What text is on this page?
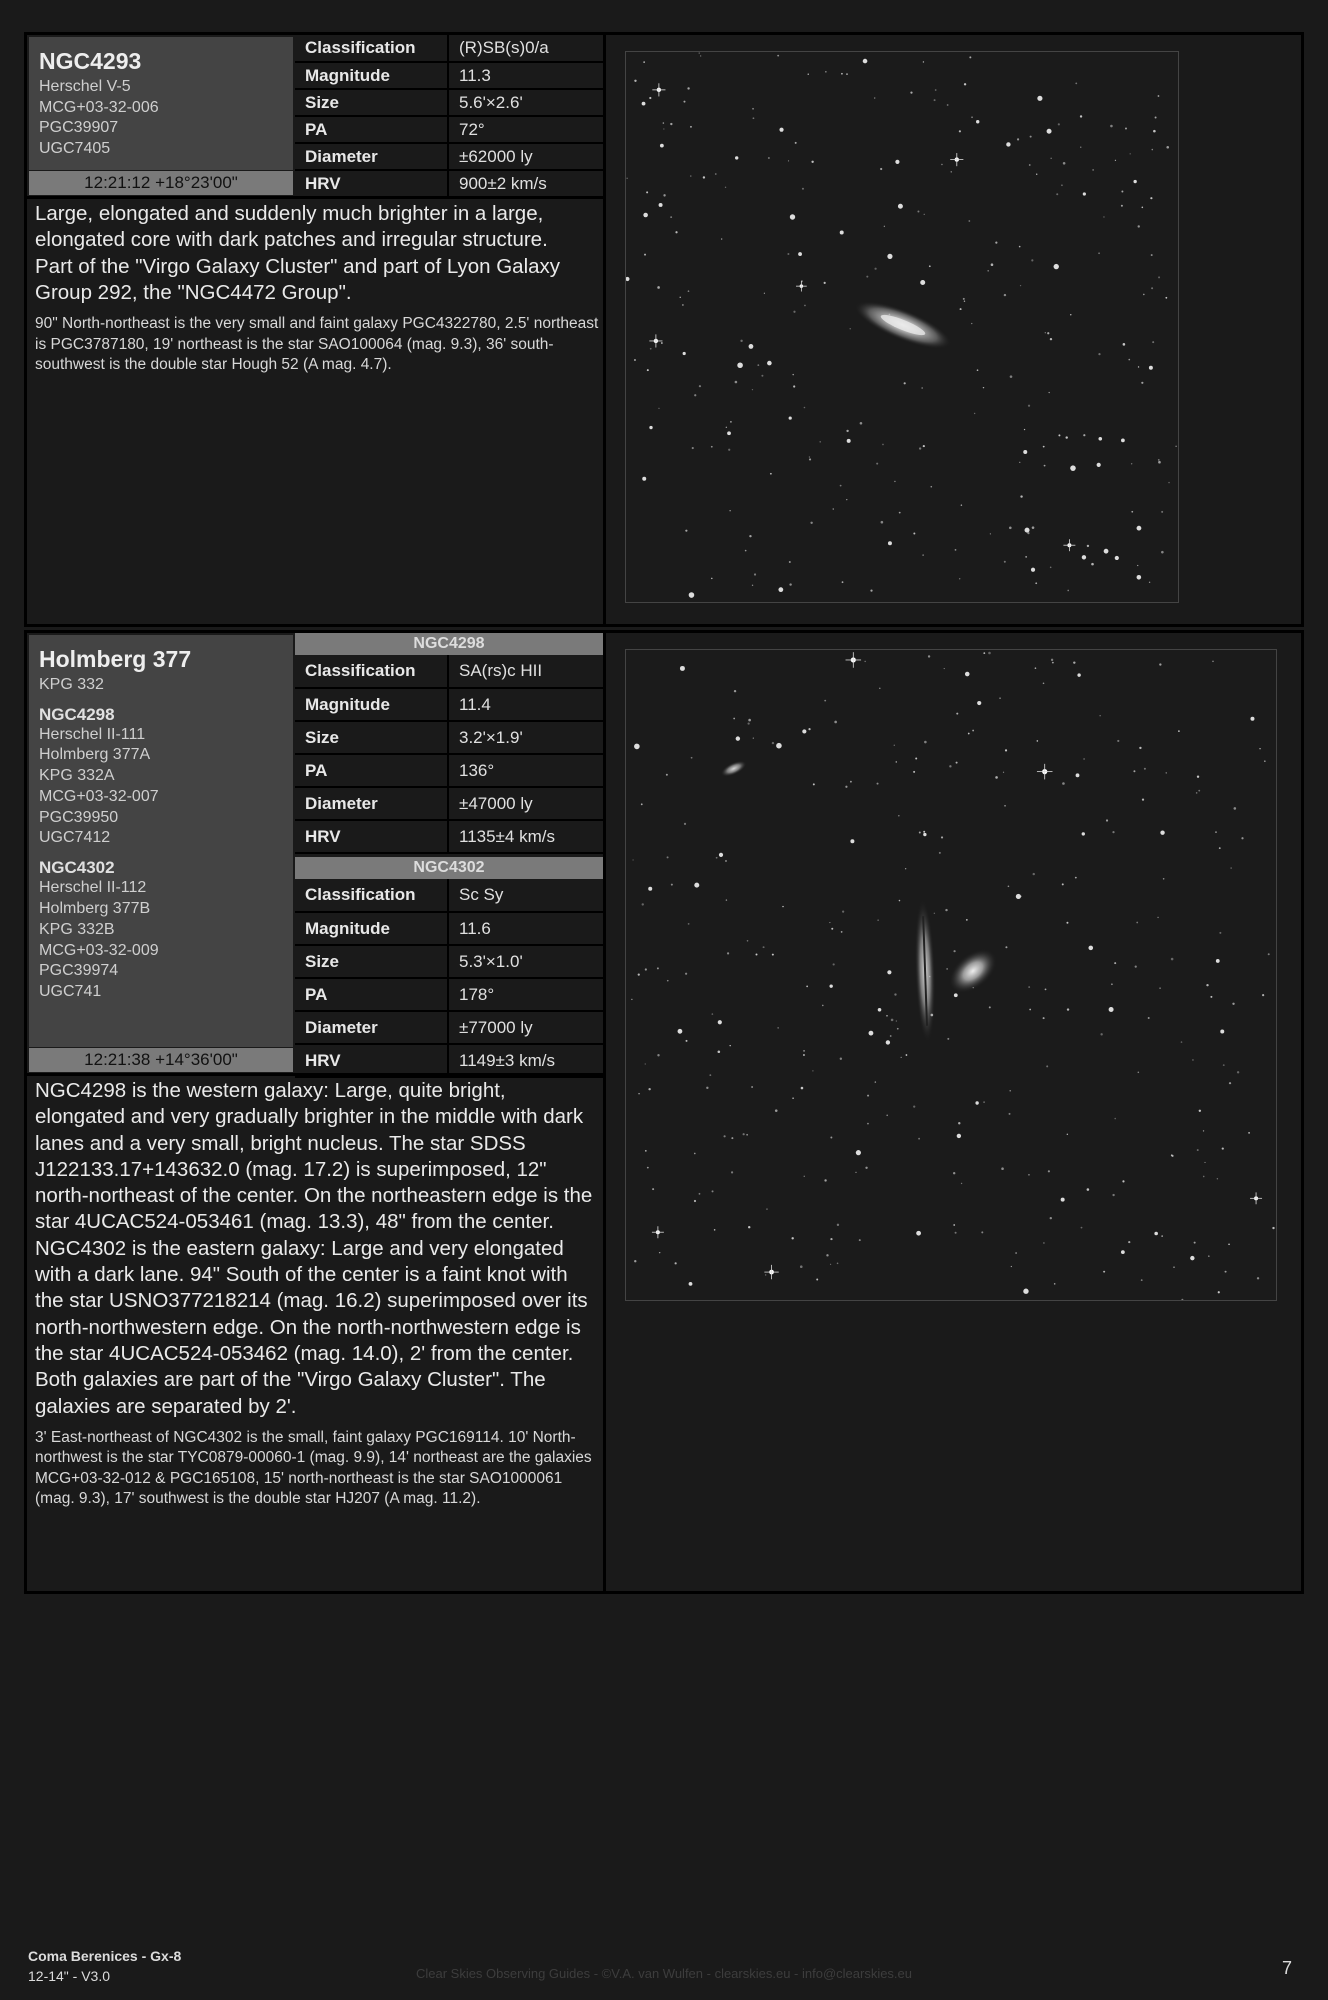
NGC4293
Herschel V-5
MCG+03-32-006
PGC39907
UGC7405
12:21:12 +18°23'00"
Classification	(R)SB(s)0/a
Magnitude	11.3
Size	5.6'×2.6'
PA	72°
Diameter	±62000 ly
HRV	900±2 km/s
Large, elongated and suddenly much brighter in a large, elongated core with dark patches and irregular structure.
Part of the "Virgo Galaxy Cluster" and part of Lyon Galaxy Group 292, the "NGC4472 Group".
90" North-northeast is the very small and faint galaxy PGC4322780, 2.5' northeast is PGC3787180, 19' northeast is the star SAO100064 (mag. 9.3), 36' south-southwest is the double star Hough 52 (A mag. 4.7).
Holmberg 377
KPG 332
NGC4298
Herschel II-111
Holmberg 377A
KPG 332A
MCG+03-32-007
PGC39950
UGC7412
NGC4302
Herschel II-112
Holmberg 377B
KPG 332B
MCG+03-32-009
PGC39974
UGC741
12:21:38 +14°36'00"
NGC4298
Classification	SA(rs)c HII
Magnitude	11.4
Size	3.2'×1.9'
PA	136°
Diameter	±47000 ly
HRV	1135±4 km/s
NGC4302
Classification	Sc Sy
Magnitude	11.6
Size	5.3'×1.0'
PA	178°
Diameter	±77000 ly
HRV	1149±3 km/s
NGC4298 is the western galaxy: Large, quite bright, elongated and very gradually brighter in the middle with dark lanes and a very small, bright nucleus. The star SDSS J122133.17+143632.0 (mag. 17.2) is superimposed, 12" north-northeast of the center. On the northeastern edge is the star 4UCAC524-053461 (mag. 13.3), 48" from the center.
NGC4302 is the eastern galaxy: Large and very elongated with a dark lane. 94" South of the center is a faint knot with the star USNO377218214 (mag. 16.2) superimposed over its north-northwestern edge. On the north-northwestern edge is the star 4UCAC524-053462 (mag. 14.0), 2' from the center.
Both galaxies are part of the "Virgo Galaxy Cluster". The galaxies are separated by 2'.
3' East-northeast of NGC4302 is the small, faint galaxy PGC169114. 10' North-northwest is the star TYC0879-00060-1 (mag. 9.9), 14' northeast are the galaxies MCG+03-32-012 & PGC165108, 15' north-northeast is the star SAO1000061 (mag. 9.3), 17' southwest is the double star HJ207 (A mag. 11.2).
Coma Berenices - Gx-8
12-14" - V3.0	Clear Skies Observing Guides - ©V.A. van Wulfen - clearskies.eu - info@clearskies.eu	7
